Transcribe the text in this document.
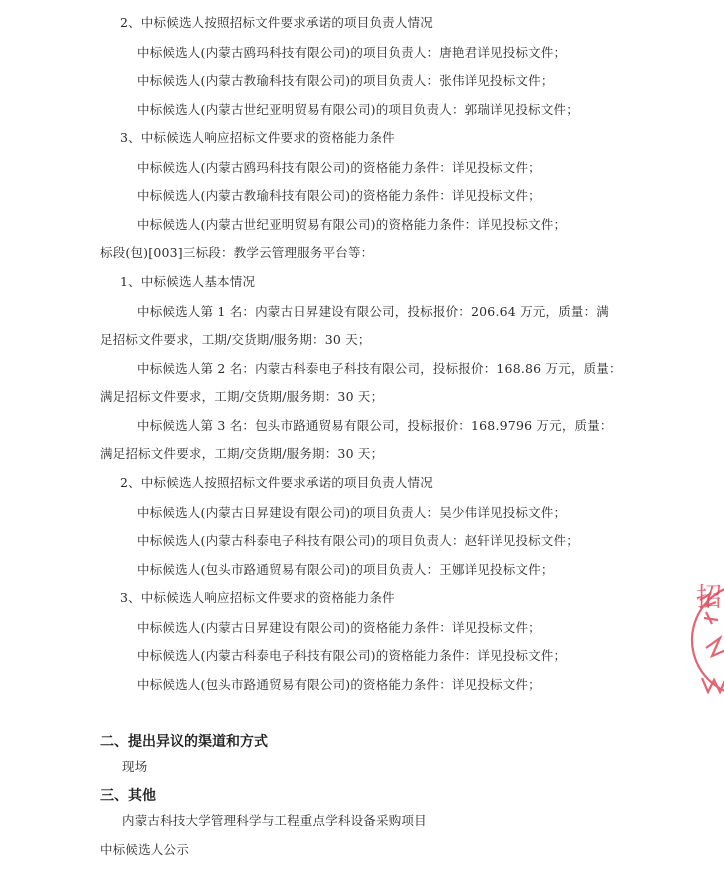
2、中标候选人按照招标文件要求承诺的项目负责人情况
中标候选人(内蒙古鸥玛科技有限公司)的项目负责人：唐艳君详见投标文件；
中标候选人(内蒙古教瑜科技有限公司)的项目负责人：张伟详见投标文件；
中标候选人(内蒙古世纪亚明贸易有限公司)的项目负责人：郭瑞详见投标文件；
3、中标候选人响应招标文件要求的资格能力条件
中标候选人(内蒙古鸥玛科技有限公司)的资格能力条件：详见投标文件；
中标候选人(内蒙古教瑜科技有限公司)的资格能力条件：详见投标文件；
中标候选人(内蒙古世纪亚明贸易有限公司)的资格能力条件：详见投标文件；
标段(包)[003]三标段：教学云管理服务平台等：
1、中标候选人基本情况
中标候选人第 1 名：内蒙古日昇建设有限公司，投标报价：206.64 万元，质量：满
足招标文件要求，工期/交货期/服务期：30 天；
中标候选人第 2 名：内蒙古科泰电子科技有限公司，投标报价：168.86 万元，质量：
满足招标文件要求，工期/交货期/服务期：30 天；
中标候选人第 3 名：包头市路通贸易有限公司，投标报价：168.9796 万元，质量：
满足招标文件要求，工期/交货期/服务期：30 天；
2、中标候选人按照招标文件要求承诺的项目负责人情况
中标候选人(内蒙古日昇建设有限公司)的项目负责人：吴少伟详见投标文件；
中标候选人(内蒙古科泰电子科技有限公司)的项目负责人：赵轩详见投标文件；
中标候选人(包头市路通贸易有限公司)的项目负责人：王娜详见投标文件；
3、中标候选人响应招标文件要求的资格能力条件
中标候选人(内蒙古日昇建设有限公司)的资格能力条件：详见投标文件；
中标候选人(内蒙古科泰电子科技有限公司)的资格能力条件：详见投标文件；
中标候选人(包头市路通贸易有限公司)的资格能力条件：详见投标文件；
二、提出异议的渠道和方式
现场
三、其他
内蒙古科技大学管理科学与工程重点学科设备采购项目
中标候选人公示
招
